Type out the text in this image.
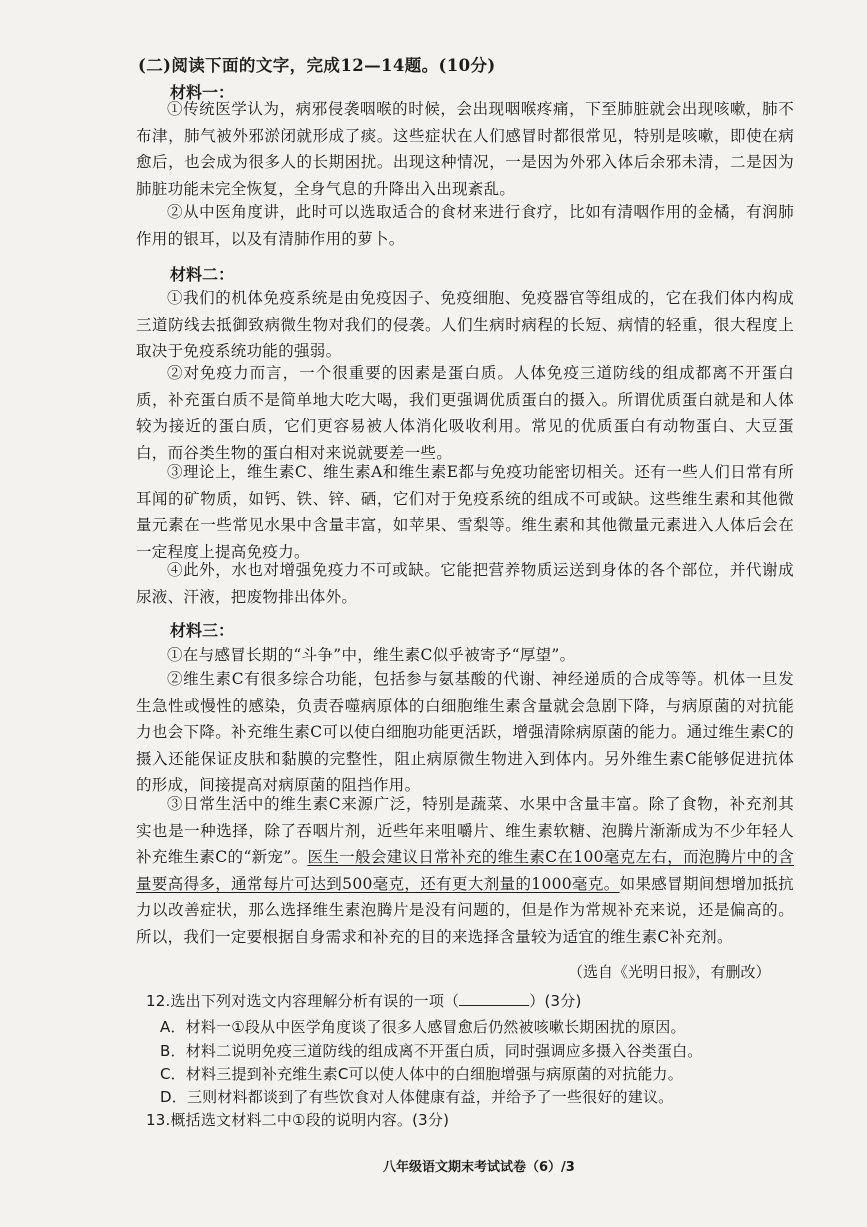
(二)阅读下面的文字，完成12—14题。(10分)
材料一：
①传统医学认为，病邪侵袭咽喉的时候，会出现咽喉疼痛，下至肺脏就会出现咳嗽，肺不布津，肺气被外邪淤闭就形成了痰。这些症状在人们感冒时都很常见，特别是咳嗽，即使在病愈后，也会成为很多人的长期困扰。出现这种情况，一是因为外邪入体后余邪未清，二是因为肺脏功能未完全恢复，全身气息的升降出入出现紊乱。
②从中医角度讲，此时可以选取适合的食材来进行食疗，比如有清咽作用的金橘，有润肺作用的银耳，以及有清肺作用的萝卜。
材料二：
①我们的机体免疫系统是由免疫因子、免疫细胞、免疫器官等组成的，它在我们体内构成三道防线去抵御致病微生物对我们的侵袭。人们生病时病程的长短、病情的轻重，很大程度上取决于免疫系统功能的强弱。
②对免疫力而言，一个很重要的因素是蛋白质。人体免疫三道防线的组成都离不开蛋白质，补充蛋白质不是简单地大吃大喝，我们更强调优质蛋白的摄入。所谓优质蛋白就是和人体较为接近的蛋白质，它们更容易被人体消化吸收利用。常见的优质蛋白有动物蛋白、大豆蛋白，而谷类生物的蛋白相对来说就要差一些。
③理论上，维生素C、维生素A和维生素E都与免疫功能密切相关。还有一些人们日常有所耳闻的矿物质，如钙、铁、锌、硒，它们对于免疫系统的组成不可或缺。这些维生素和其他微量元素在一些常见水果中含量丰富，如苹果、雪梨等。维生素和其他微量元素进入人体后会在一定程度上提高免疫力。
④此外，水也对增强免疫力不可或缺。它能把营养物质运送到身体的各个部位，并代谢成尿液、汗液，把废物排出体外。
材料三：
①在与感冒长期的“斗争”中，维生素C似乎被寄予“厚望”。
②维生素C有很多综合功能，包括参与氨基酸的代谢、神经递质的合成等等。机体一旦发生急性或慢性的感染，负责吞噬病原体的白细胞维生素含量就会急剧下降，与病原菌的对抗能力也会下降。补充维生素C可以使白细胞功能更活跃，增强清除病原菌的能力。通过维生素C的摄入还能保证皮肤和黏膜的完整性，阻止病原微生物进入到体内。另外维生素C能够促进抗体的形成，间接提高对病原菌的阻挡作用。
③日常生活中的维生素C来源广泛，特别是蔬菜、水果中含量丰富。除了食物，补充剂其实也是一种选择，除了吞咽片剂，近些年来咀嚼片、维生素软糖、泡腾片渐渐成为不少年轻人补充维生素C的“新宠”。医生一般会建议日常补充的维生素C在100毫克左右，而泡腾片中的含量要高得多，通常每片可达到500毫克，还有更大剂量的1000毫克。如果感冒期间想增加抵抗力以改善症状，那么选择维生素泡腾片是没有问题的，但是作为常规补充来说，还是偏高的。所以，我们一定要根据自身需求和补充的目的来选择含量较为适宜的维生素C补充剂。
（选自《光明日报》，有删改）
12.选出下列对选文内容理解分析有误的一项（	）(3分)
A．材料一①段从中医学角度谈了很多人感冒愈后仍然被咳嗽长期困扰的原因。
B．材料二说明免疫三道防线的组成离不开蛋白质，同时强调应多摄入谷类蛋白。
C．材料三提到补充维生素C可以使人体中的白细胞增强与病原菌的对抗能力。
D．三则材料都谈到了有些饮食对人体健康有益，并给予了一些很好的建议。
13.概括选文材料二中①段的说明内容。(3分)
八年级语文期末考试试卷（6）/3
